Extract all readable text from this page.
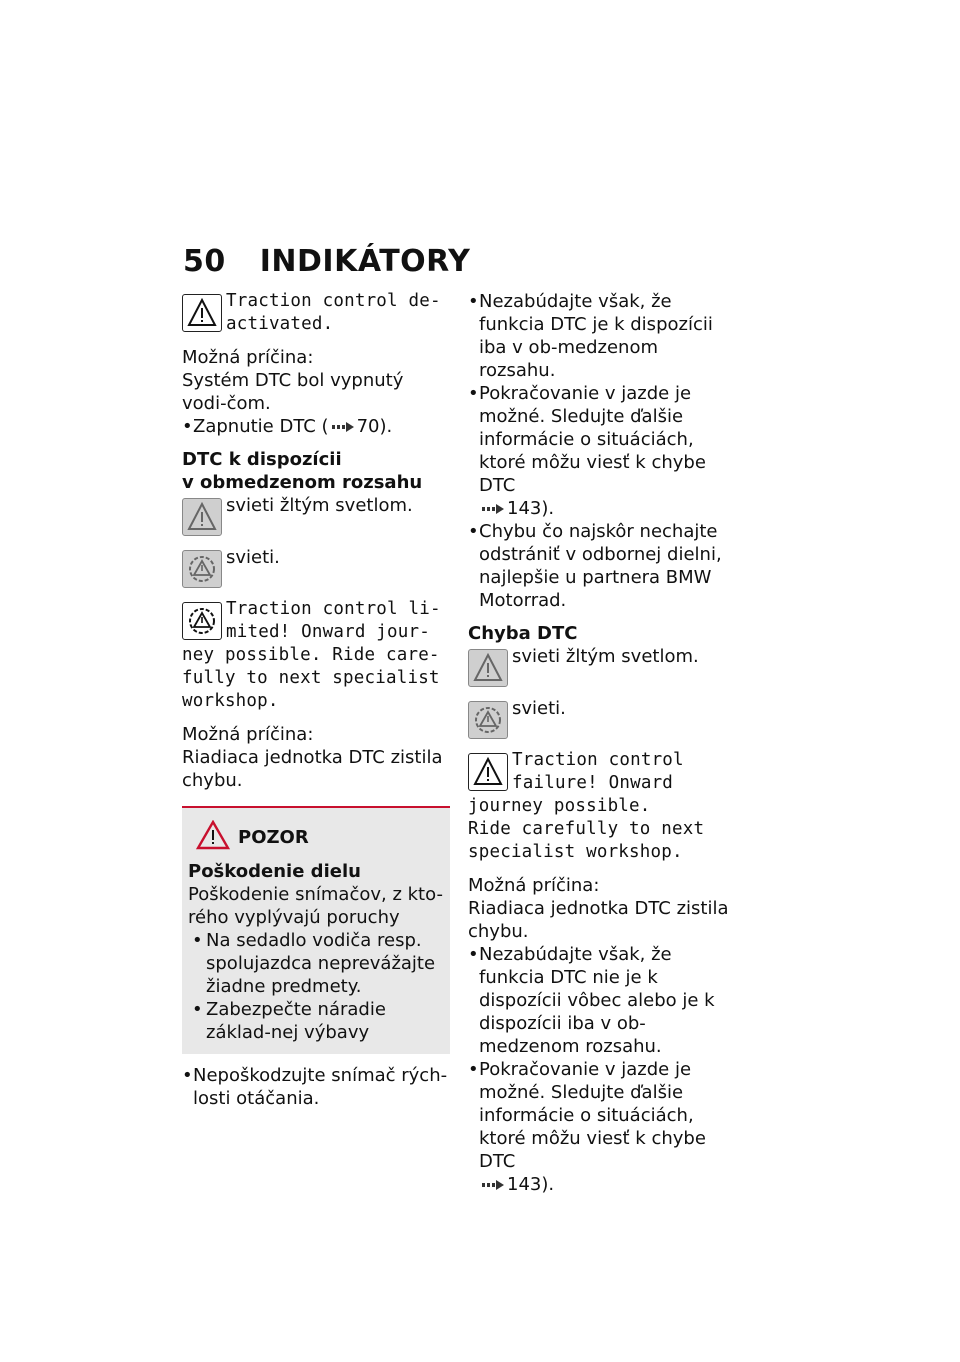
50 INDIKÁTORY
Traction control de-
activated.

Možná príčina:

Systém DTC bol vypnutý vodi-čom.

• Zapnutie DTC ( 70).

DTC k dispozícii
v obmedzenom rozsahu

svieti žltým svetlom.
svieti.
Traction control li-
mited! Onward jour-
ney possible. Ride care-
fully to next specialist
workshop.

Možná príčina:

Riadiaca jednotka DTC zistila chybu.

POZOR

Poškodenie dielu

Poškodenie snímačov, z kto-rého vyplývajú poruchy

• Na sedadlo vodiča resp. spolujazdca neprevážajte žiadne predmety.
• Zabezpečte náradie základ-nej výbavy
• Nepoškodzujte snímač rých-losti otáčania.
• Nezabúdajte však, že funkcia DTC je k dispozícii iba v ob-medzenom rozsahu.
• Pokračovanie v jazde je možné. Sledujte ďalšie informácie o situáciách, ktoré môžu viesť k chybe DTC
143).
• Chybu čo najskôr nechajte odstrániť v odbornej dielni, najlepšie u partnera BMW Motorrad.

Chyba DTC

svieti žltým svetlom.
svieti.
Traction control
failure! Onward
journey possible.
Ride carefully to next
specialist workshop.

Možná príčina:

Riadiaca jednotka DTC zistila chybu.

• Nezabúdajte však, že funkcia DTC nie je k dispozícii vôbec alebo je k dispozícii iba v ob-medzenom rozsahu.
• Pokračovanie v jazde je možné. Sledujte ďalšie informácie o situáciách, ktoré môžu viesť k chybe DTC
143).
